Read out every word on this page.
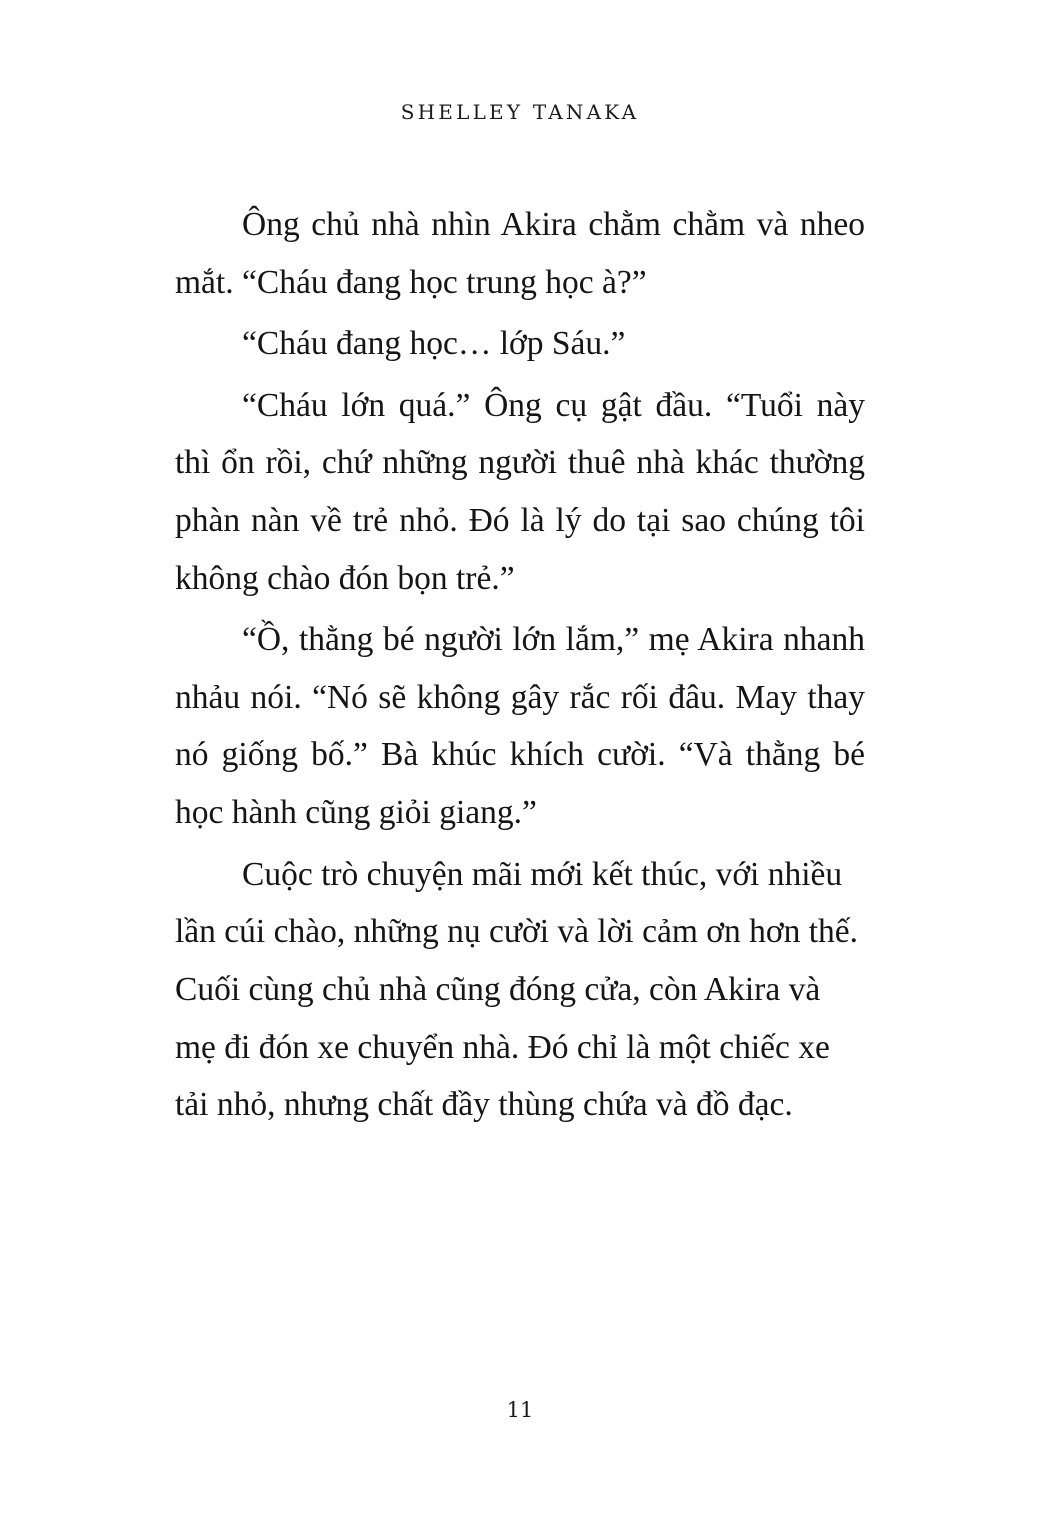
SHELLEY TANAKA

Ông chủ nhà nhìn Akira chằm chằm và nheo mắt. “Cháu đang học trung học à?”

“Cháu đang học… lớp Sáu.”

“Cháu lớn quá.” Ông cụ gật đầu. “Tuổi này thì ổn rồi, chứ những người thuê nhà khác thường phàn nàn về trẻ nhỏ. Đó là lý do tại sao chúng tôi không chào đón bọn trẻ.”

“Ồ, thằng bé người lớn lắm,” mẹ Akira nhanh nhảu nói. “Nó sẽ không gây rắc rối đâu. May thay nó giống bố.” Bà khúc khích cười. “Và thằng bé học hành cũng giỏi giang.”

Cuộc trò chuyện mãi mới kết thúc, với nhiều lần cúi chào, những nụ cười và lời cảm ơn hơn thế. Cuối cùng chủ nhà cũng đóng cửa, còn Akira và mẹ đi đón xe chuyển nhà. Đó chỉ là một chiếc xe tải nhỏ, nhưng chất đầy thùng chứa và đồ đạc.

11
